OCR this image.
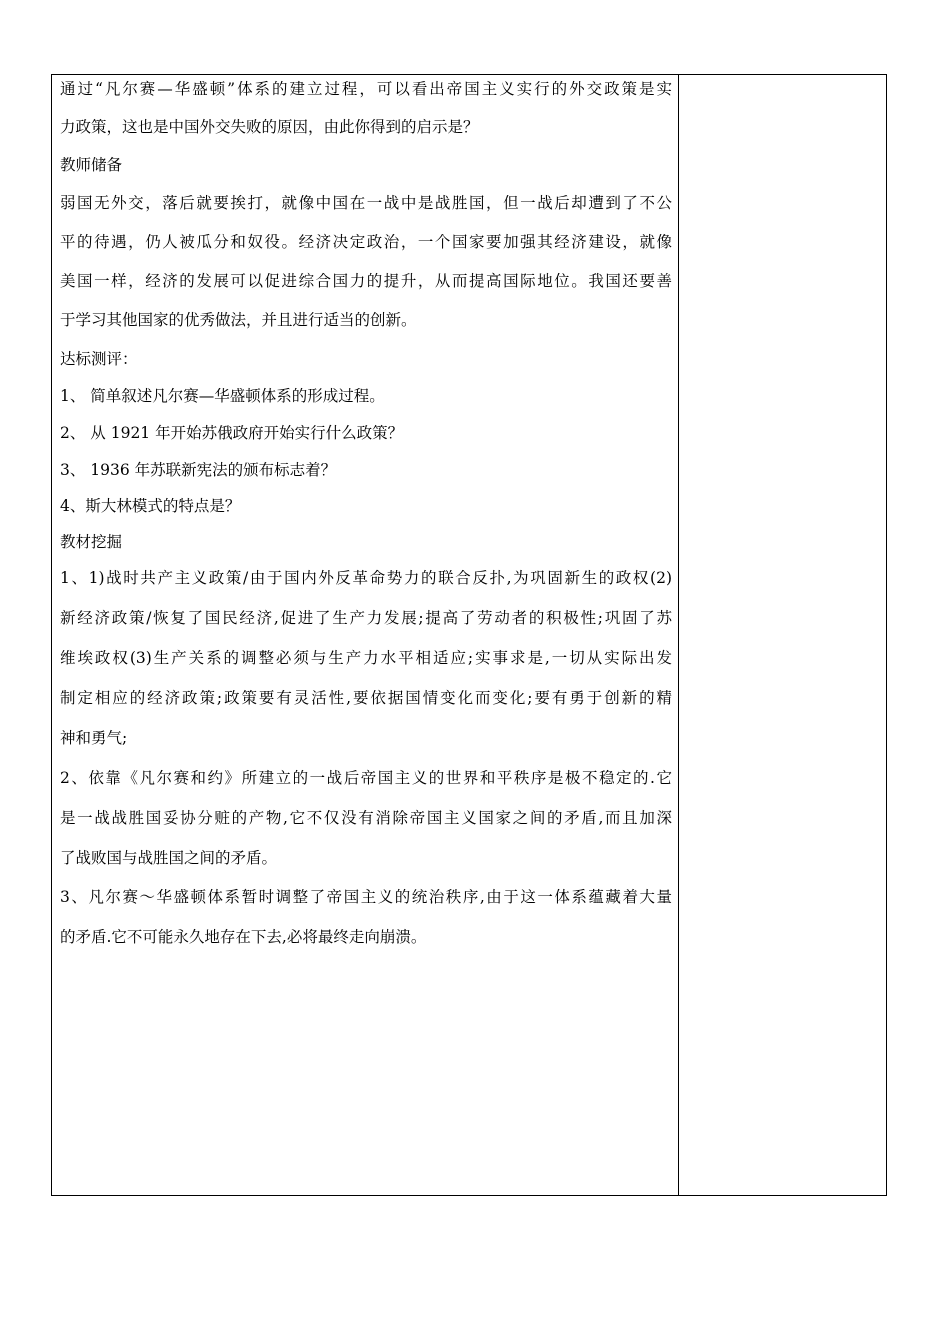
通过“凡尔赛—华盛顿”体系的建立过程，可以看出帝国主义实行的外交政策是实
力政策，这也是中国外交失败的原因，由此你得到的启示是？
教师储备
弱国无外交，落后就要挨打，就像中国在一战中是战胜国，但一战后却遭到了不公
平的待遇，仍人被瓜分和奴役。经济决定政治，一个国家要加强其经济建设，就像
美国一样，经济的发展可以促进综合国力的提升，从而提高国际地位。我国还要善
于学习其他国家的优秀做法，并且进行适当的创新。
达标测评：
1、 简单叙述凡尔赛—华盛顿体系的形成过程。
2、 从 1921 年开始苏俄政府开始实行什么政策？
3、 1936 年苏联新宪法的颁布标志着？
4、斯大林模式的特点是？
教材挖掘
1、1)战时共产主义政策/由于国内外反革命势力的联合反扑,为巩固新生的政权(2)
新经济政策/恢复了国民经济,促进了生产力发展;提高了劳动者的积极性;巩固了苏
维埃政权(3)生产关系的调整必须与生产力水平相适应;实事求是,一切从实际出发
制定相应的经济政策;政策要有灵活性,要依据国情变化而变化;要有勇于创新的精
神和勇气;
2、依靠《凡尔赛和约》所建立的一战后帝国主义的世界和平秩序是极不稳定的.它
是一战战胜国妥协分赃的产物,它不仅没有消除帝国主义国家之间的矛盾,而且加深
了战败国与战胜国之间的矛盾。
3、凡尔赛～华盛顿体系暂时调整了帝国主义的统治秩序,由于这一体系蕴藏着大量
的矛盾.它不可能永久地存在下去,必将最终走向崩溃。
